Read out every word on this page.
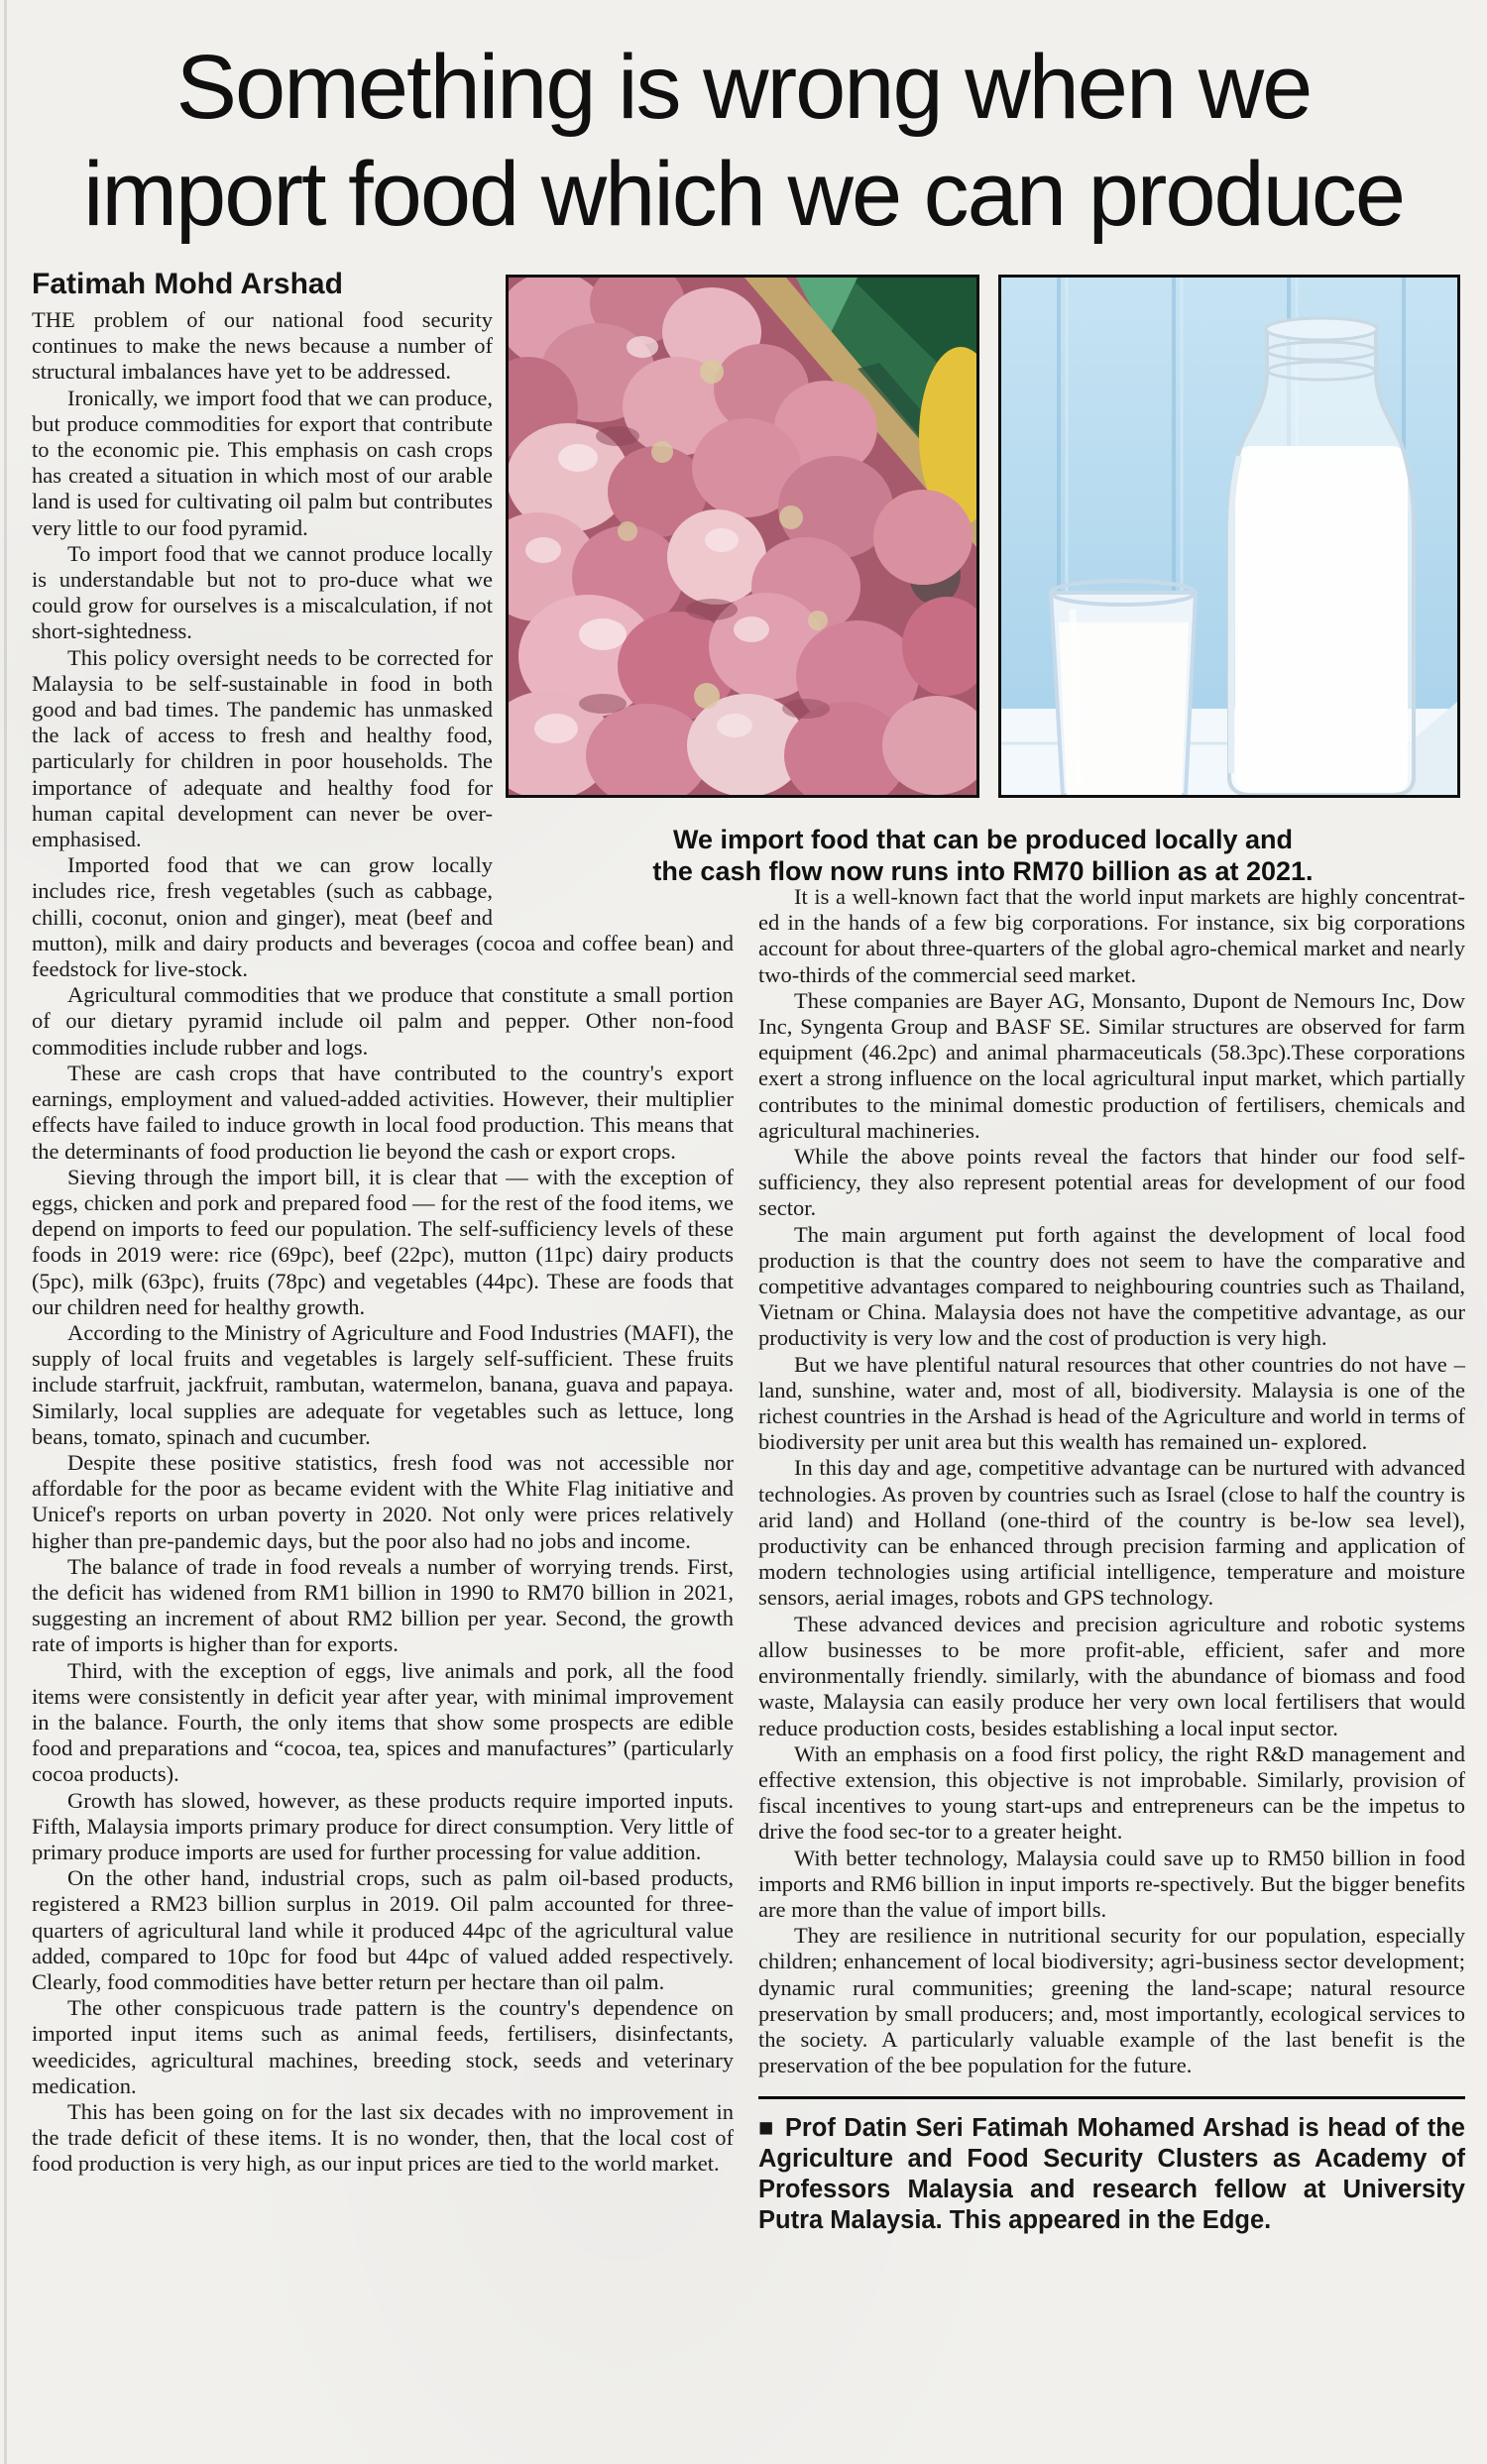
Something is wrong when we
import food which we can produce
We import food that can be produced locally and
the cash flow now runs into RM70 billion as at 2021.
Fatimah Mohd Arshad

THE problem of our national food security continues to make the news because a number of structural imbalances have yet to be addressed.

Ironically, we import food that we can produce, but produce commodities for export that contribute to the economic pie. This emphasis on cash crops has created a situation in which most of our arable land is used for cultivating oil palm but contributes very little to our food pyramid.

To import food that we cannot produce locally is understandable but not to pro-duce what we could grow for ourselves is a miscalculation, if not short-sightedness.

This policy oversight needs to be corrected for Malaysia to be self-sustainable in food in both good and bad times. The pandemic has unmasked the lack of access to fresh and healthy food, particularly for children in poor households. The importance of adequate and healthy food for human capital development can never be over-emphasised.

Imported food that we can grow locally includes rice, fresh vegetables (such as cabbage, chilli, coconut, onion and ginger), meat (beef and mutton), milk and dairy products and beverages (cocoa and coffee bean) and feedstock for live-stock.

Agricultural commodities that we produce that constitute a small portion of our dietary pyramid include oil palm and pepper. Other non-food commodities include rubber and logs.

These are cash crops that have contributed to the country's export earnings, employment and valued-added activities. However, their multiplier effects have failed to induce growth in local food production. This means that the determinants of food production lie beyond the cash or export crops.

Sieving through the import bill, it is clear that — with the exception of eggs, chicken and pork and prepared food — for the rest of the food items, we depend on imports to feed our population. The self-sufficiency levels of these foods in 2019 were: rice (69pc), beef (22pc), mutton (11pc) dairy products (5pc), milk (63pc), fruits (78pc) and vegetables (44pc). These are foods that our children need for healthy growth.

According to the Ministry of Agriculture and Food Industries (MAFI), the supply of local fruits and vegetables is largely self-sufficient. These fruits include starfruit, jackfruit, rambutan, watermelon, banana, guava and papaya. Similarly, local supplies are adequate for vegetables such as lettuce, long beans, tomato, spinach and cucumber.

Despite these positive statistics, fresh food was not accessible nor affordable for the poor as became evident with the White Flag initiative and Unicef's reports on urban poverty in 2020. Not only were prices relatively higher than pre-pandemic days, but the poor also had no jobs and income.

The balance of trade in food reveals a number of worrying trends. First, the deficit has widened from RM1 billion in 1990 to RM70 billion in 2021, suggesting an increment of about RM2 billion per year. Second, the growth rate of imports is higher than for exports.

Third, with the exception of eggs, live animals and pork, all the food items were consistently in deficit year after year, with minimal improvement in the balance. Fourth, the only items that show some prospects are edible food and preparations and “cocoa, tea, spices and manufactures” (particularly cocoa products).

Growth has slowed, however, as these products require imported inputs. Fifth, Malaysia imports primary produce for direct consumption. Very little of primary produce imports are used for further processing for value addition.

On the other hand, industrial crops, such as palm oil-based products, registered a RM23 billion surplus in 2019. Oil palm accounted for three-quarters of agricultural land while it produced 44pc of the agricultural value added, compared to 10pc for food but 44pc of valued added respectively. Clearly, food commodities have better return per hectare than oil palm.

The other conspicuous trade pattern is the country's dependence on imported input items such as animal feeds, fertilisers, disinfectants, weedicides, agricultural machines, breeding stock, seeds and veterinary medication.

This has been going on for the last six decades with no improvement in the trade deficit of these items. It is no wonder, then, that the local cost of food production is very high, as our input prices are tied to the world market.

It is a well-known fact that the world input markets are highly concentrat-ed in the hands of a few big corporations. For instance, six big corporations account for about three-quarters of the global agro-chemical market and nearly two-thirds of the commercial seed market.

These companies are Bayer AG, Monsanto, Dupont de Nemours Inc, Dow Inc, Syngenta Group and BASF SE. Similar structures are observed for farm equipment (46.2pc) and animal pharmaceuticals (58.3pc).These corporations exert a strong influence on the local agricultural input market, which partially contributes to the minimal domestic production of fertilisers, chemicals and agricultural machineries.

While the above points reveal the factors that hinder our food self-sufficiency, they also represent potential areas for development of our food sector.

The main argument put forth against the development of local food production is that the country does not seem to have the comparative and competitive advantages compared to neighbouring countries such as Thailand, Vietnam or China. Malaysia does not have the competitive advantage, as our productivity is very low and the cost of production is very high.

But we have plentiful natural resources that other countries do not have – land, sunshine, water and, most of all, biodiversity. Malaysia is one of the richest countries in the Arshad is head of the Agriculture and world in terms of biodiversity per unit area but this wealth has remained un- explored.

In this day and age, competitive advantage can be nurtured with advanced technologies. As proven by countries such as Israel (close to half the country is arid land) and Holland (one-third of the country is be-low sea level), productivity can be enhanced through precision farming and application of modern technologies using artificial intelligence, temperature and moisture sensors, aerial images, robots and GPS technology.

These advanced devices and precision agriculture and robotic systems allow businesses to be more profit-able, efficient, safer and more environmentally friendly. similarly, with the abundance of biomass and food waste, Malaysia can easily produce her very own local fertilisers that would reduce production costs, besides establishing a local input sector.

With an emphasis on a food first policy, the right R&D management and effective extension, this objective is not improbable. Similarly, provision of fiscal incentives to young start-ups and entrepreneurs can be the impetus to drive the food sec-tor to a greater height.

With better technology, Malaysia could save up to RM50 billion in food imports and RM6 billion in input imports re-spectively. But the bigger benefits are more than the value of import bills.

They are resilience in nutritional security for our population, especially children; enhancement of local biodiversity; agri-business sector development; dynamic rural communities; greening the land-scape; natural resource preservation by small producers; and, most importantly, ecological services to the society. A particularly valuable example of the last benefit is the preservation of the bee population for the future.

■ Prof Datin Seri Fatimah Mohamed Arshad is head of the Agriculture and Food Security Clusters as Academy of Professors Malaysia and research fellow at University Putra Malaysia. This appeared in the Edge.
